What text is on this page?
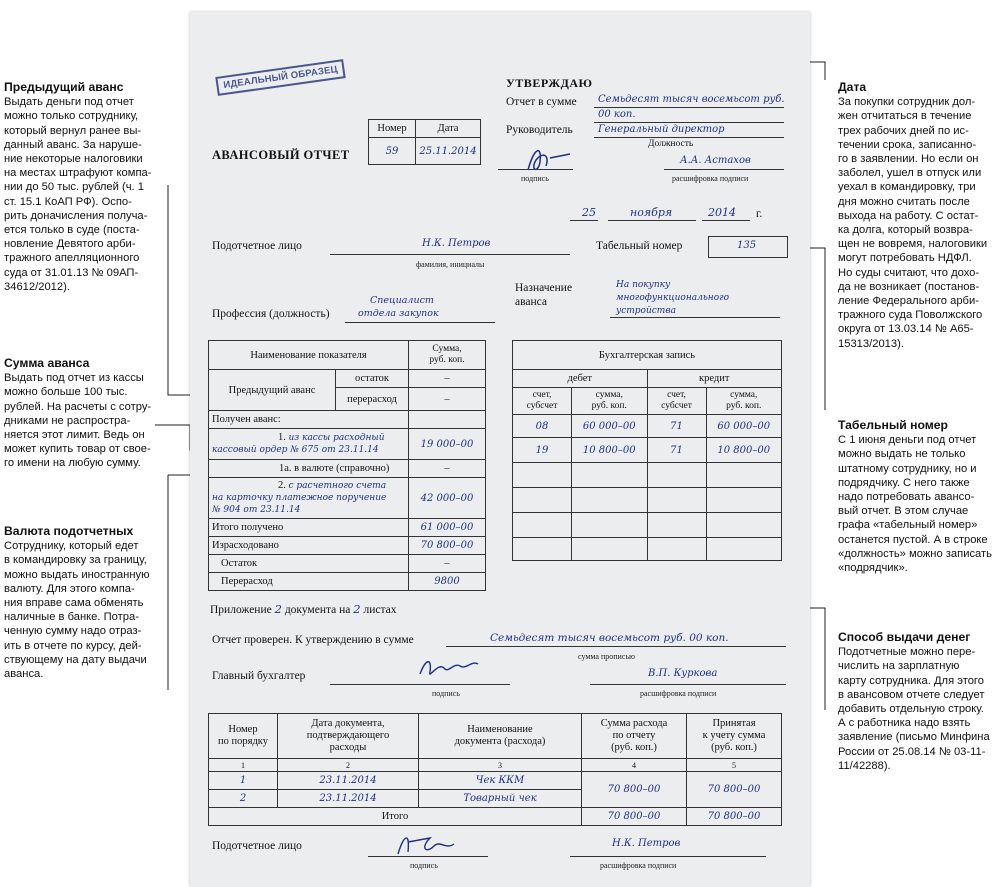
Предыдущий аванс

Выдать деньги под отчет

можно только сотруднику,

который вернул ранее вы-

данный аванс. За наруше-

ние некоторые налоговики

на местах штрафуют компа-

нии до 50 тыс. рублей (ч. 1

ст. 15.1 КоАП РФ). Оспо-

рить доначисления получа-

ется только в суде (поста-

новление Девятого арби-

тражного апелляционного

суда от 31.01.13 № 09АП-

34612/2012).

Сумма аванса

Выдать под отчет из кассы

можно больше 100 тыс.

рублей. На расчеты с сотру-

дниками не распростра-

няется этот лимит. Ведь он

может купить товар от свое-

го имени на любую сумму.

Валюта подотчетных

Сотруднику, который едет

в командировку за границу,

можно выдать иностранную

валюту. Для этого компа-

ния вправе сама обменять

наличные в банке. Потра-

ченную сумму надо отраз-

ить в отчете по курсу, дей-

ствующему на дату выдачи

аванса.

Дата

За покупки сотрудник дол-

жен отчитаться в течение

трех рабочих дней по ис-

течении срока, записанно-

го в заявлении. Но если он

заболел, ушел в отпуск или

уехал в командировку, три

дня можно считать после

выхода на работу. С остат-

ка долга, который возвра-

щен не вовремя, налоговики

могут потребовать НДФЛ.

Но суды считают, что дохо-

да не возникает (постанов-

ление Федерального арби-

тражного суда Поволжского

округа от 13.03.14 № А65-

15313/2013).

Табельный номер

С 1 июня деньги под отчет

можно выдать не только

штатному сотруднику, но и

подрядчику. С него также

надо потребовать авансо-

вый отчет. В этом случае

графа «табельный номер»

останется пустой. А в строке

«должность» можно записать

«подрядчик».

Способ выдачи денег

Подотчетные можно пере-

числить на зарплатную

карту сотрудника. Для этого

в авансовом отчете следует

добавить отдельную строку.

А с работника надо взять

заявление (письмо Минфина

России от 25.08.14 № 03-11-

11/42288).

ИДЕАЛЬНЫЙ ОБРАЗЕЦ	УТВЕРЖДАЮ
Отчет в сумме Семьдесят тысяч восемьсот руб.
00 коп.
Руководитель	Генеральный директор
Должность
А.А. Астахов
подпись	расшифровка подписи
Номер	Дата
59	25.11.2014
АВАНСОВЫЙ ОТЧЕТ
25	ноября	2014 г.
Подотчетное лицо	Н.К. Петров
фамилия, инициалы
Табельный номер	135
Назначение
аванса
На покупку
многофункционального
устройства
Профессия (должность)
Специалист
отдела закупок
Наименование показателя		Сумма,
руб. коп.
Предыдущий аванс	остаток	–
	перерасход	–
Получен аванс:		
1. из кассы расходный
кассовый ордер № 675 от 23.11.14		19 000–00
1а. в валюте (справочно)		–
2. с расчетного счета
на карточку платежное поручение
№ 904 от 23.11.14		42 000–00
Итого получено		61 000–00
Израсходовано		70 800–00
Остаток		–
Перерасход		9800
Бухгалтерская запись			
дебет		кредит	
счет,
субсчет	сумма,
руб. коп.	счет,
субсчет	сумма,
руб. коп.
08	60 000–00	71	60 000–00
19	10 800–00	71	10 800–00

Приложение 2 документа на 2 листах
Отчет проверен. К утверждению в сумме	Семьдесят тысяч восемьсот руб. 00 коп.
сумма прописью
Главный бухгалтер
подпись
В.П. Куркова
расшифровка подписи
Номер
по порядку	Дата документа,
подтверждающего
расходы	Наименование
документа (расхода)	Сумма расхода
по отчету
(руб. коп.)	Принятая
к учету сумма
(руб. коп.)
1	2	3	4	5
1	23.11.2014	Чек ККМ	70 800–00	70 800–00
2	23.11.2014	Товарный чек		
Итого			70 800–00	70 800–00
Подотчетное лицо
подпись
Н.К. Петров
расшифровка подписи
